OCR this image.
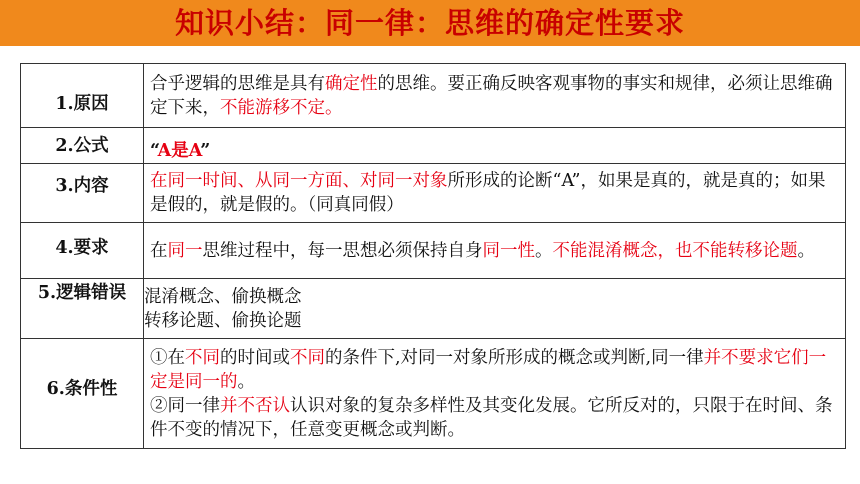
知识小结：同一律：思维的确定性要求
1.原因	合乎逻辑的思维是具有确定性的思维。要正确反映客观事物的事实和规律，必须让思维确定下来，不能游移不定。
2.公式	“A是A”
3.内容	在同一时间、从同一方面、对同一对象所形成的论断“A”，如果是真的，就是真的；如果是假的，就是假的。（同真同假）
4.要求	在同一思维过程中，每一思想必须保持自身同一性。不能混淆概念，也不能转移论题。
5.逻辑错误	混淆概念、偷换概念
转移论题、偷换论题

6.条件性	①在不同的时间或不同的条件下,对同一对象所形成的概念或判断,同一律并不要求它们一定是同一的。
②同一律并不否认认识对象的复杂多样性及其变化发展。它所反对的，只限于在时间、条件不变的情况下，任意变更概念或判断。
